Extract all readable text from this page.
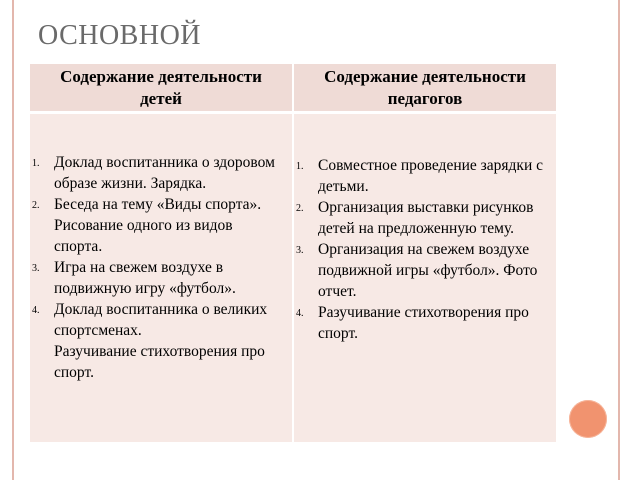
ОСНОВНОЙ
Содержание деятельности
детей
Содержание деятельности
педагогов
1. Доклад воспитанника о здоровом образе жизни. Зарядка.
2. Беседа на тему «Виды спорта». Рисование одного из видов спорта.
3. Игра на свежем воздухе в подвижную игру «футбол».
4. Доклад воспитанника о великих спортсменах.
Разучивание стихотворения про спорт.
1. Совместное проведение зарядки с детьми.
2. Организация выставки рисунков детей на предложенную тему.
3. Организация на свежем воздухе подвижной игры «футбол». Фото отчет.
4. Разучивание стихотворения про спорт.
